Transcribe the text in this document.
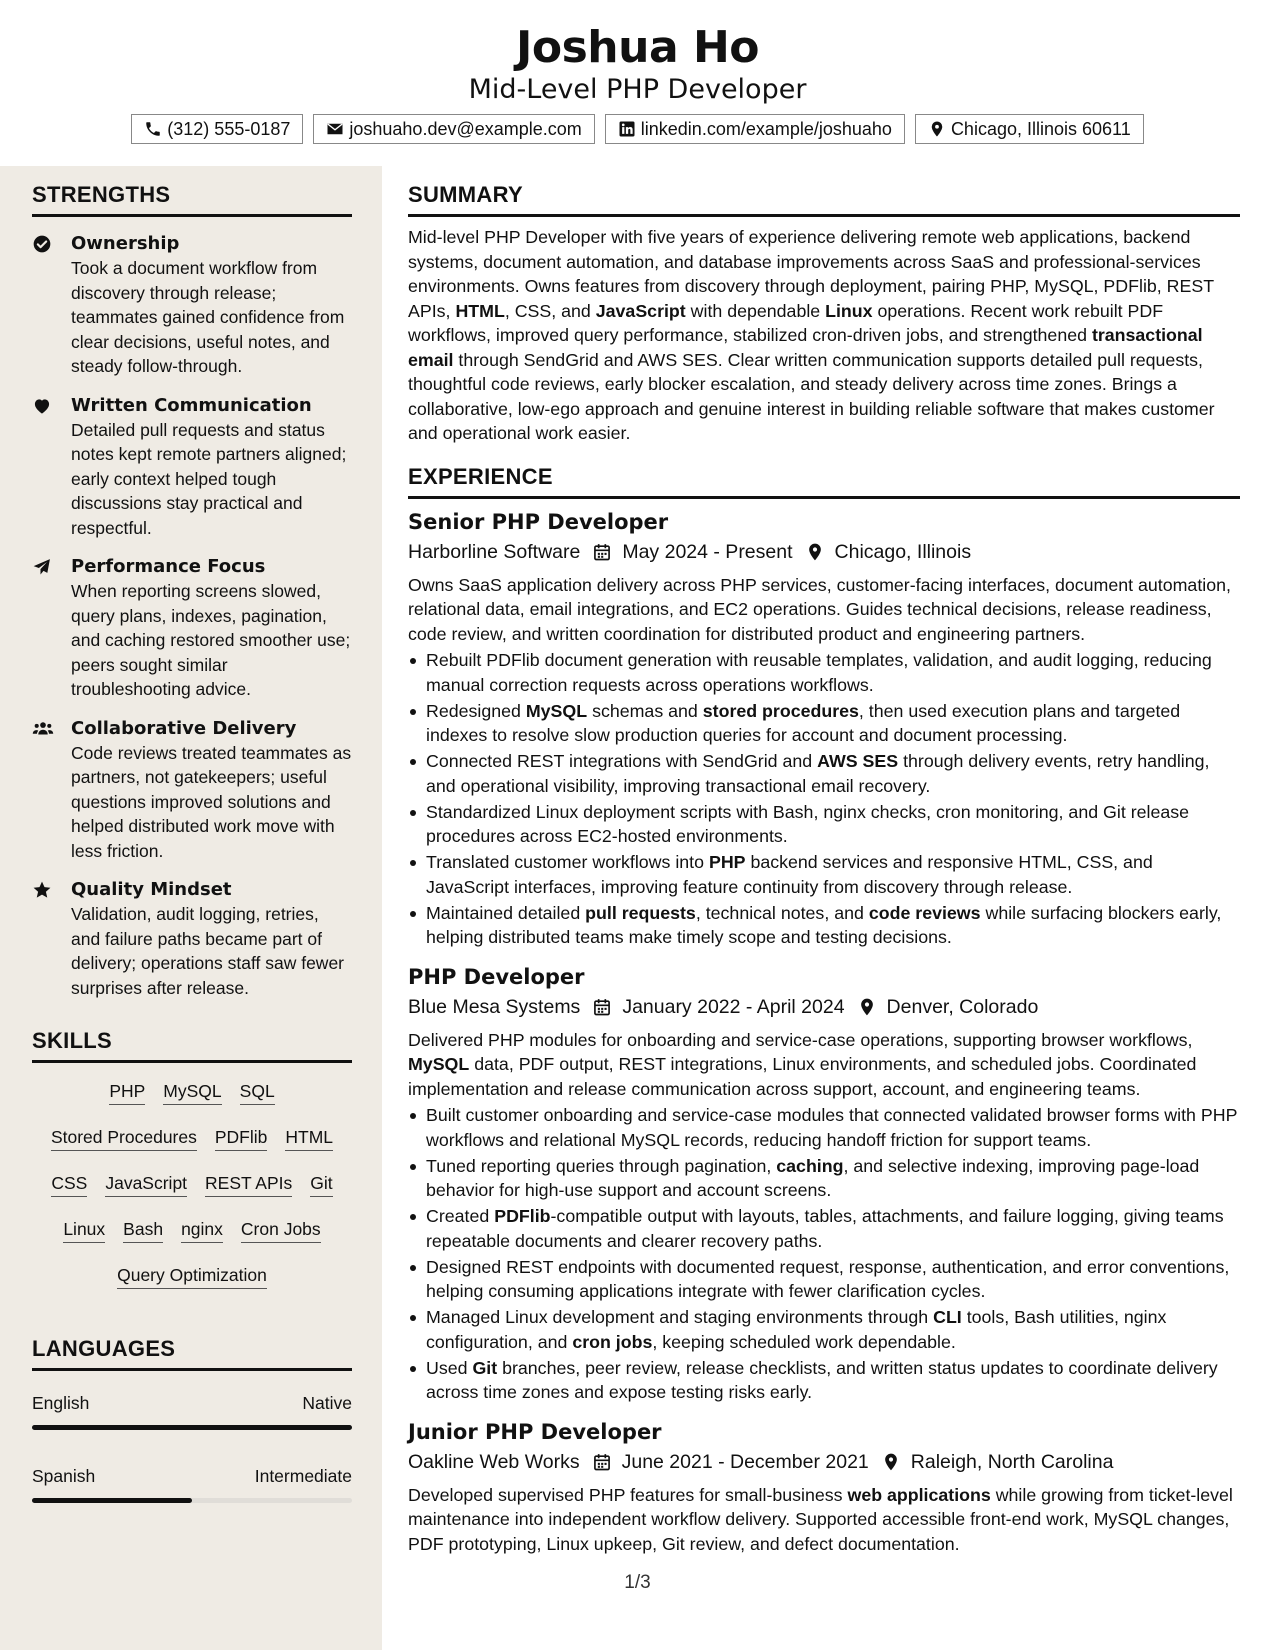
Joshua Ho
Mid-Level PHP Developer
(312) 555-0187	joshuaho.dev@example.com	linkedin.com/example/joshuaho	Chicago, Illinois 60611
STRENGTHS
Ownership
Took a document workflow from discovery through release; teammates gained confidence from clear decisions, useful notes, and steady follow-through.
Written Communication
Detailed pull requests and status notes kept remote partners aligned; early context helped tough discussions stay practical and respectful.
Performance Focus
When reporting screens slowed, query plans, indexes, pagination, and caching restored smoother use; peers sought similar troubleshooting advice.
Collaborative Delivery
Code reviews treated teammates as partners, not gatekeepers; useful questions improved solutions and helped distributed work move with less friction.
Quality Mindset
Validation, audit logging, retries, and failure paths became part of delivery; operations staff saw fewer surprises after release.
SKILLS
PHP MySQL SQL
Stored Procedures PDFlib HTML
CSS JavaScript REST APIs Git
Linux Bash nginx Cron Jobs
Query Optimization
LANGUAGES
English	Native
Spanish	Intermediate
SUMMARY
Mid-level PHP Developer with five years of experience delivering remote web applications, backend systems, document automation, and database improvements across SaaS and professional-services environments. Owns features from discovery through deployment, pairing PHP, MySQL, PDFlib, REST APIs, HTML, CSS, and JavaScript with dependable Linux operations. Recent work rebuilt PDF workflows, improved query performance, stabilized cron-driven jobs, and strengthened transactional email through SendGrid and AWS SES. Clear written communication supports detailed pull requests, thoughtful code reviews, early blocker escalation, and steady delivery across time zones. Brings a collaborative, low-ego approach and genuine interest in building reliable software that makes customer and operational work easier.
EXPERIENCE
Senior PHP Developer
Harborline Software May 2024 - Present Chicago, Illinois
Owns SaaS application delivery across PHP services, customer-facing interfaces, document automation, relational data, email integrations, and EC2 operations. Guides technical decisions, release readiness, code review, and written coordination for distributed product and engineering partners.
Rebuilt PDFlib document generation with reusable templates, validation, and audit logging, reducing manual correction requests across operations workflows.
Redesigned MySQL schemas and stored procedures, then used execution plans and targeted indexes to resolve slow production queries for account and document processing.
Connected REST integrations with SendGrid and AWS SES through delivery events, retry handling, and operational visibility, improving transactional email recovery.
Standardized Linux deployment scripts with Bash, nginx checks, cron monitoring, and Git release procedures across EC2-hosted environments.
Translated customer workflows into PHP backend services and responsive HTML, CSS, and JavaScript interfaces, improving feature continuity from discovery through release.
Maintained detailed pull requests, technical notes, and code reviews while surfacing blockers early, helping distributed teams make timely scope and testing decisions.
PHP Developer
Blue Mesa Systems January 2022 - April 2024 Denver, Colorado
Delivered PHP modules for onboarding and service-case operations, supporting browser workflows, MySQL data, PDF output, REST integrations, Linux environments, and scheduled jobs. Coordinated implementation and release communication across support, account, and engineering teams.
Built customer onboarding and service-case modules that connected validated browser forms with PHP workflows and relational MySQL records, reducing handoff friction for support teams.
Tuned reporting queries through pagination, caching, and selective indexing, improving page-load behavior for high-use support and account screens.
Created PDFlib-compatible output with layouts, tables, attachments, and failure logging, giving teams repeatable documents and clearer recovery paths.
Designed REST endpoints with documented request, response, authentication, and error conventions, helping consuming applications integrate with fewer clarification cycles.
Managed Linux development and staging environments through CLI tools, Bash utilities, nginx configuration, and cron jobs, keeping scheduled work dependable.
Used Git branches, peer review, release checklists, and written status updates to coordinate delivery across time zones and expose testing risks early.
Junior PHP Developer
Oakline Web Works June 2021 - December 2021 Raleigh, North Carolina
Developed supervised PHP features for small-business web applications while growing from ticket-level maintenance into independent workflow delivery. Supported accessible front-end work, MySQL changes, PDF prototyping, Linux upkeep, Git review, and defect documentation.
1/3
